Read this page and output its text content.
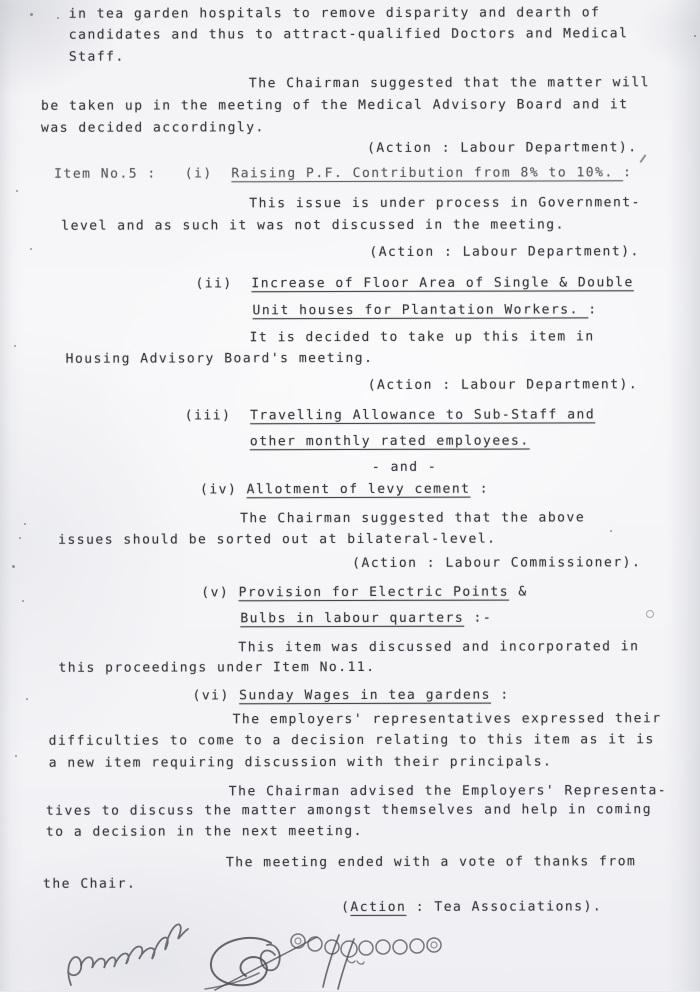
in tea garden hospitals to remove disparity and dearth of
candidates and thus to attract-qualified Doctors and Medical
Staff.
The Chairman suggested that the matter will
be taken up in the meeting of the Medical Advisory Board and it
was decided accordingly.
(Action : Labour Department).
Item No.5 :   (i)  Raising P.F. Contribution from 8% to 10%. :
This issue is under process in Government-
level and as such it was not discussed in the meeting.
(Action : Labour Department).
(ii)  Increase of Floor Area of Single & Double
Unit houses for Plantation Workers. :
It is decided to take up this item in
Housing Advisory Board's meeting.
(Action : Labour Department).
(iii)  Travelling Allowance to Sub-Staff and
other monthly rated employees.
- and -
(iv) Allotment of levy cement :
The Chairman suggested that the above
issues should be sorted out at bilateral-level.
(Action : Labour Commissioner).
(v) Provision for Electric Points &
Bulbs in labour quarters :-
This item was discussed and incorporated in
this proceedings under Item No.11.
(vi) Sunday Wages in tea gardens :
The employers' representatives expressed their
difficulties to come to a decision relating to this item as it is
a new item requiring discussion with their principals.
The Chairman advised the Employers' Representa-
tives to discuss the matter amongst themselves and help in coming
to a decision in the next meeting.
The meeting ended with a vote of thanks from
the Chair.
(Action : Tea Associations).
